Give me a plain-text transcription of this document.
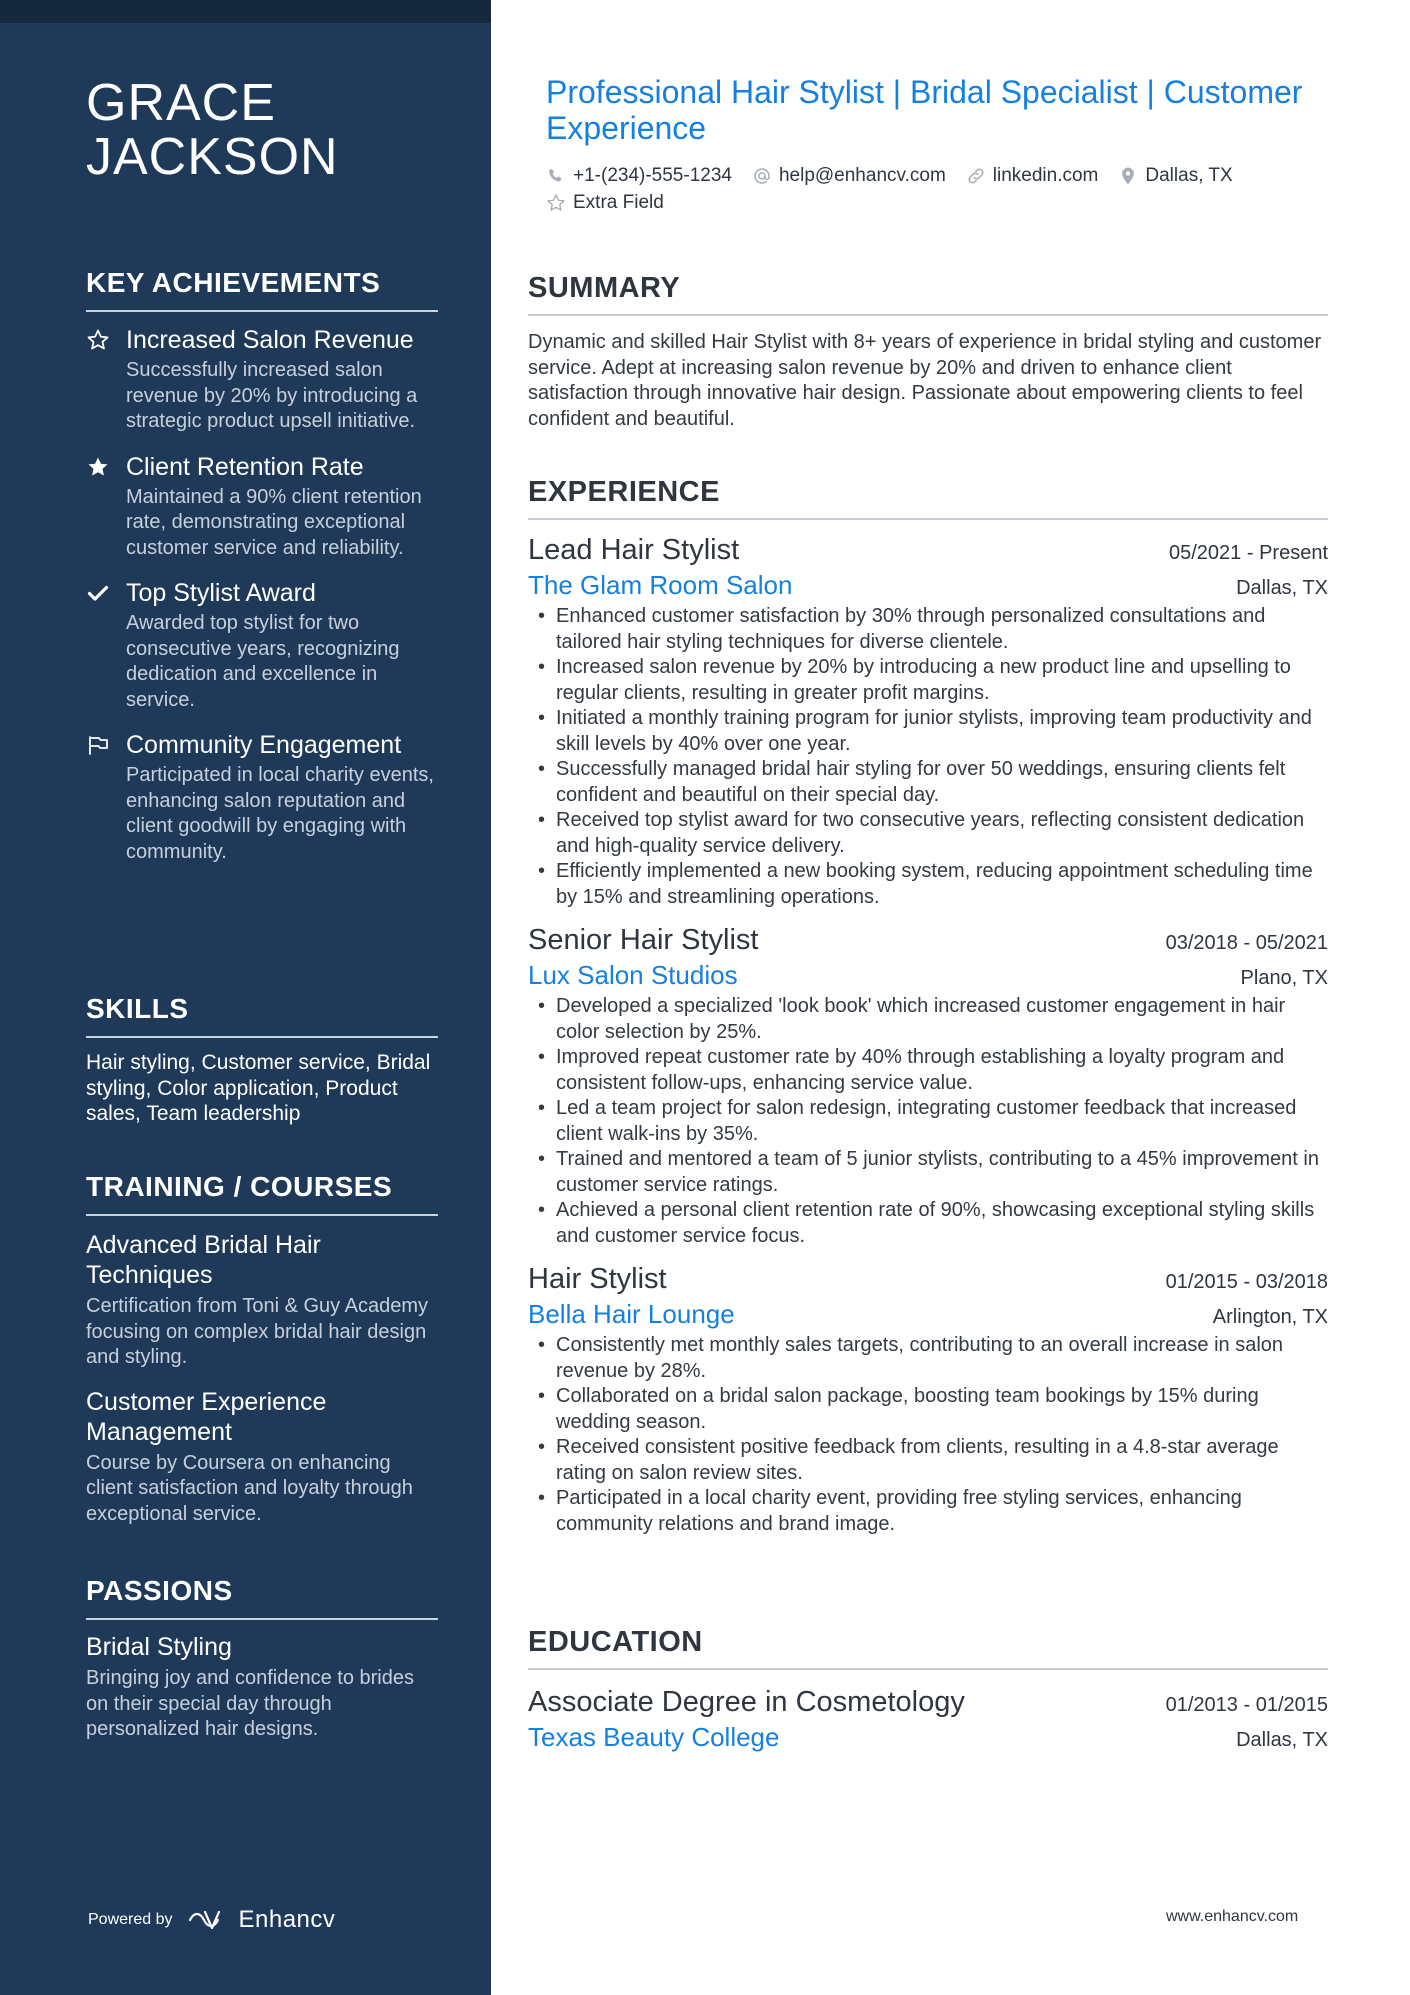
GRACE
JACKSON
KEY ACHIEVEMENTS
Increased Salon Revenue
Successfully increased salon revenue by 20% by introducing a strategic product upsell initiative.
Client Retention Rate
Maintained a 90% client retention rate, demonstrating exceptional customer service and reliability.
Top Stylist Award
Awarded top stylist for two consecutive years, recognizing dedication and excellence in service.
Community Engagement
Participated in local charity events, enhancing salon reputation and client goodwill by engaging with community.
SKILLS
Hair styling, Customer service, Bridal styling, Color application, Product sales, Team leadership
TRAINING / COURSES
Advanced Bridal Hair Techniques
Certification from Toni & Guy Academy focusing on complex bridal hair design and styling.
Customer Experience Management
Course by Coursera on enhancing client satisfaction and loyalty through exceptional service.
PASSIONS
Bridal Styling
Bringing joy and confidence to brides on their special day through personalized hair designs.
Powered by	Enhancv
Professional Hair Stylist | Bridal Specialist | Customer Experience
+1-(234)-555-1234 help@enhancv.com linkedin.com Dallas, TX
Extra Field
SUMMARY
Dynamic and skilled Hair Stylist with 8+ years of experience in bridal styling and customer service. Adept at increasing salon revenue by 20% and driven to enhance client satisfaction through innovative hair design. Passionate about empowering clients to feel confident and beautiful.
EXPERIENCE
Lead Hair Stylist	05/2021 - Present
The Glam Room Salon	Dallas, TX
• Enhanced customer satisfaction by 30% through personalized consultations and tailored hair styling techniques for diverse clientele.
• Increased salon revenue by 20% by introducing a new product line and upselling to regular clients, resulting in greater profit margins.
• Initiated a monthly training program for junior stylists, improving team productivity and skill levels by 40% over one year.
• Successfully managed bridal hair styling for over 50 weddings, ensuring clients felt confident and beautiful on their special day.
• Received top stylist award for two consecutive years, reflecting consistent dedication and high-quality service delivery.
• Efficiently implemented a new booking system, reducing appointment scheduling time by 15% and streamlining operations.
Senior Hair Stylist	03/2018 - 05/2021
Lux Salon Studios	Plano, TX
• Developed a specialized 'look book' which increased customer engagement in hair color selection by 25%.
• Improved repeat customer rate by 40% through establishing a loyalty program and consistent follow-ups, enhancing service value.
• Led a team project for salon redesign, integrating customer feedback that increased client walk-ins by 35%.
• Trained and mentored a team of 5 junior stylists, contributing to a 45% improvement in customer service ratings.
• Achieved a personal client retention rate of 90%, showcasing exceptional styling skills and customer service focus.
Hair Stylist	01/2015 - 03/2018
Bella Hair Lounge	Arlington, TX
• Consistently met monthly sales targets, contributing to an overall increase in salon revenue by 28%.
• Collaborated on a bridal salon package, boosting team bookings by 15% during wedding season.
• Received consistent positive feedback from clients, resulting in a 4.8-star average rating on salon review sites.
• Participated in a local charity event, providing free styling services, enhancing community relations and brand image.
EDUCATION
Associate Degree in Cosmetology	01/2013 - 01/2015
Texas Beauty College	Dallas, TX
www.enhancv.com
